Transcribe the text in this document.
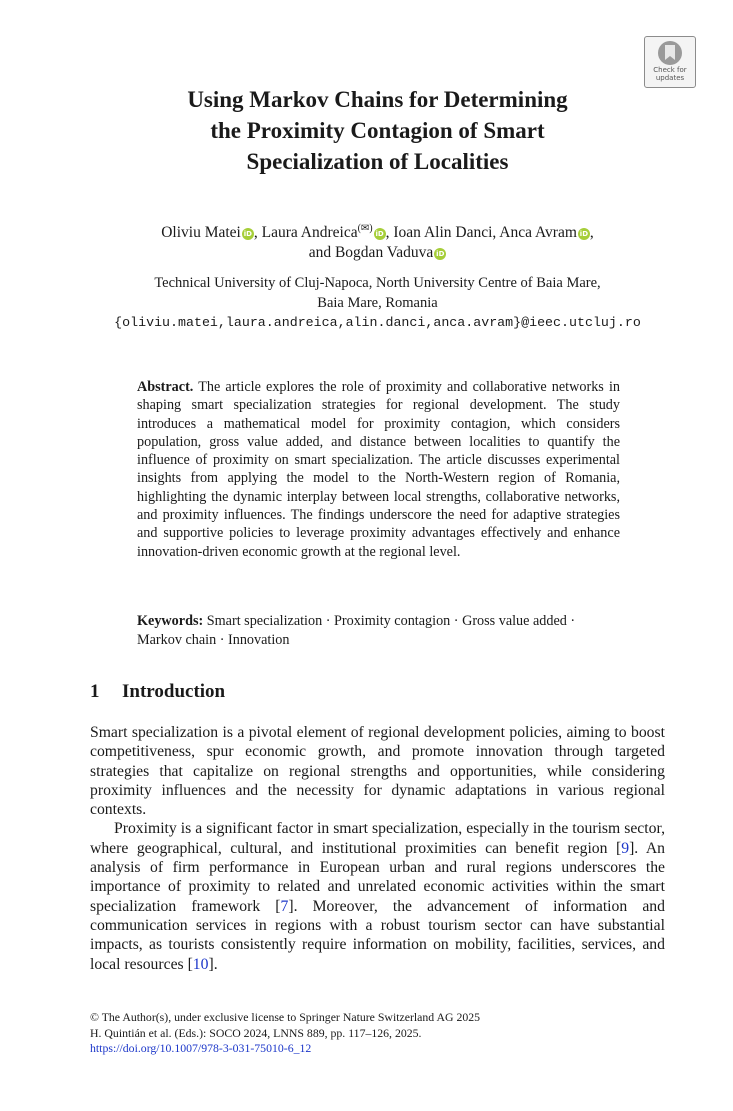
Check for
updates
Using Markov Chains for Determining
the Proximity Contagion of Smart
Specialization of Localities
Oliviu Matei iD , Laura Andreica(✉) iD , Ioan Alin Danci, Anca Avram iD ,
and Bogdan Vaduva iD
Technical University of Cluj-Napoca, North University Centre of Baia Mare,
Baia Mare, Romania
{oliviu.matei,laura.andreica,alin.danci,anca.avram}@ieec.utcluj.ro
Abstract. The article explores the role of proximity and collaborative networks in shaping smart specialization strategies for regional development. The study introduces a mathematical model for proximity contagion, which considers population, gross value added, and distance between localities to quantify the influence of proximity on smart specialization. The article discusses experimental insights from applying the model to the North-Western region of Romania, highlighting the dynamic interplay between local strengths, collaborative networks, and proximity influences. The findings underscore the need for adaptive strategies and supportive policies to leverage proximity advantages effectively and enhance innovation-driven economic growth at the regional level.
Keywords: Smart specialization · Proximity contagion · Gross value added · Markov chain · Innovation
1 Introduction

Smart specialization is a pivotal element of regional development policies, aiming to boost competitiveness, spur economic growth, and promote innovation through targeted strategies that capitalize on regional strengths and opportunities, while considering proximity influences and the necessity for dynamic adaptations in various regional contexts.

Proximity is a significant factor in smart specialization, especially in the tourism sector, where geographical, cultural, and institutional proximities can benefit region [9]. An analysis of firm performance in European urban and rural regions underscores the importance of proximity to related and unrelated economic activities within the smart specialization framework [7]. Moreover, the advancement of information and communication services in regions with a robust tourism sector can have substantial impacts, as tourists consistently require information on mobility, facilities, services, and local resources [10].

© The Author(s), under exclusive license to Springer Nature Switzerland AG 2025
H. Quintián et al. (Eds.): SOCO 2024, LNNS 889, pp. 117–126, 2025.
https://doi.org/10.1007/978-3-031-75010-6_12
